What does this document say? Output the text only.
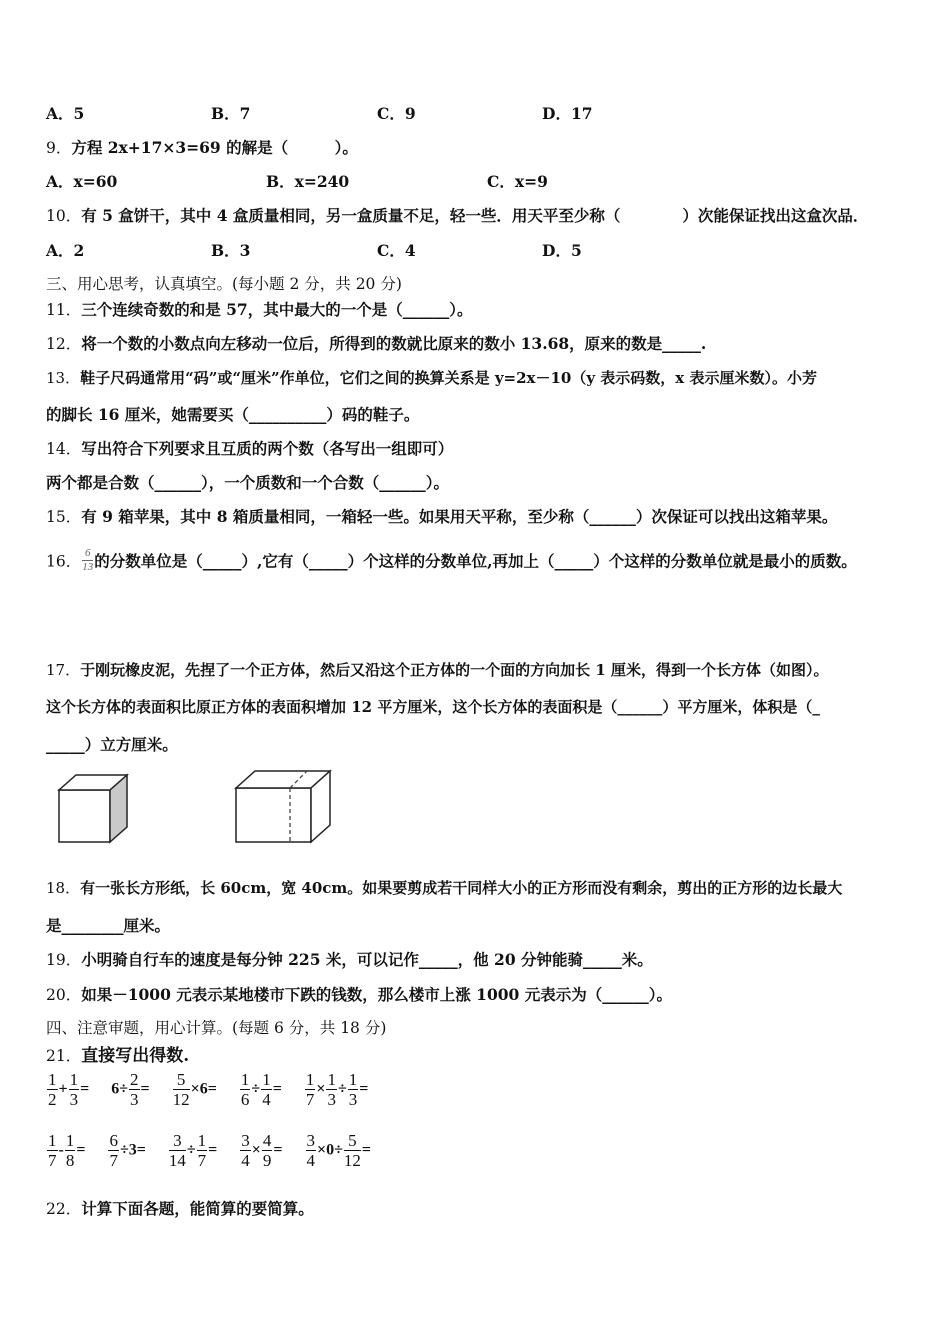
A．5	B．7	C．9	D．17
9．方程 2x+17×3=69 的解是（　　　）。
A．x=60	B．x=240	C．x=9
10．有 5 盒饼干，其中 4 盒质量相同，另一盒质量不足，轻一些．用天平至少称（　　　　）次能保证找出这盒次品．
A．2	B．3	C．4	D．5
三、用心思考，认真填空。(每小题 2 分，共 20 分)
11．三个连续奇数的和是 57，其中最大的一个是（______）。
12．将一个数的小数点向左移动一位后，所得到的数就比原来的数小 13.68，原来的数是_____.
13．鞋子尺码通常用“码”或“厘米”作单位，它们之间的换算关系是 y=2x－10（y 表示码数，x 表示厘米数）。小芳
的脚长 16 厘米，她需要买（__________）码的鞋子。
14．写出符合下列要求且互质的两个数（各写出一组即可）
两个都是合数（______），一个质数和一个合数（______）。
15．有 9 箱苹果，其中 8 箱质量相同，一箱轻一些。如果用天平称，至少称（______）次保证可以找出这箱苹果。
16． $\frac{6}{13}$ 的分数单位是（_____）,它有（_____）个这样的分数单位,再加上（_____）个这样的分数单位就是最小的质数。
17．于刚玩橡皮泥，先捏了一个正方体，然后又沿这个正方体的一个面的方向加长 1 厘米，得到一个长方体（如图）。
这个长方体的表面积比原正方体的表面积增加 12 平方厘米，这个长方体的表面积是（______）平方厘米，体积是（_
_____）立方厘米。
18．有一张长方形纸，长 60cm，宽 40cm。如果要剪成若干同样大小的正方形而没有剩余，剪出的正方形的边长最大
是________厘米。
19．小明骑自行车的速度是每分钟 225 米，可以记作_____，他 20 分钟能骑_____米。
20．如果－1000 元表示某地楼市下跌的钱数，那么楼市上涨 1000 元表示为（______）。
四、注意审题，用心计算。(每题 6 分，共 18 分)
21．直接写出得数.
$\frac{1}{2} + \frac{1}{3} = 6\div \frac{2}{3} = \frac{5}{12} \times 6= \frac{1}{6} \div \frac{1}{4} = \frac{1}{7} \times \frac{1}{3} \div \frac{1}{3}$ =
$\frac{1}{7} - \frac{1}{8} = \frac{6}{7} \div 3= \frac{3}{14} \div \frac{1}{7} = \frac{3}{4} \times \frac{4}{9} = \frac{3}{4} \times 0\div \frac{5}{12}$ =
22．计算下面各题，能简算的要简算。
